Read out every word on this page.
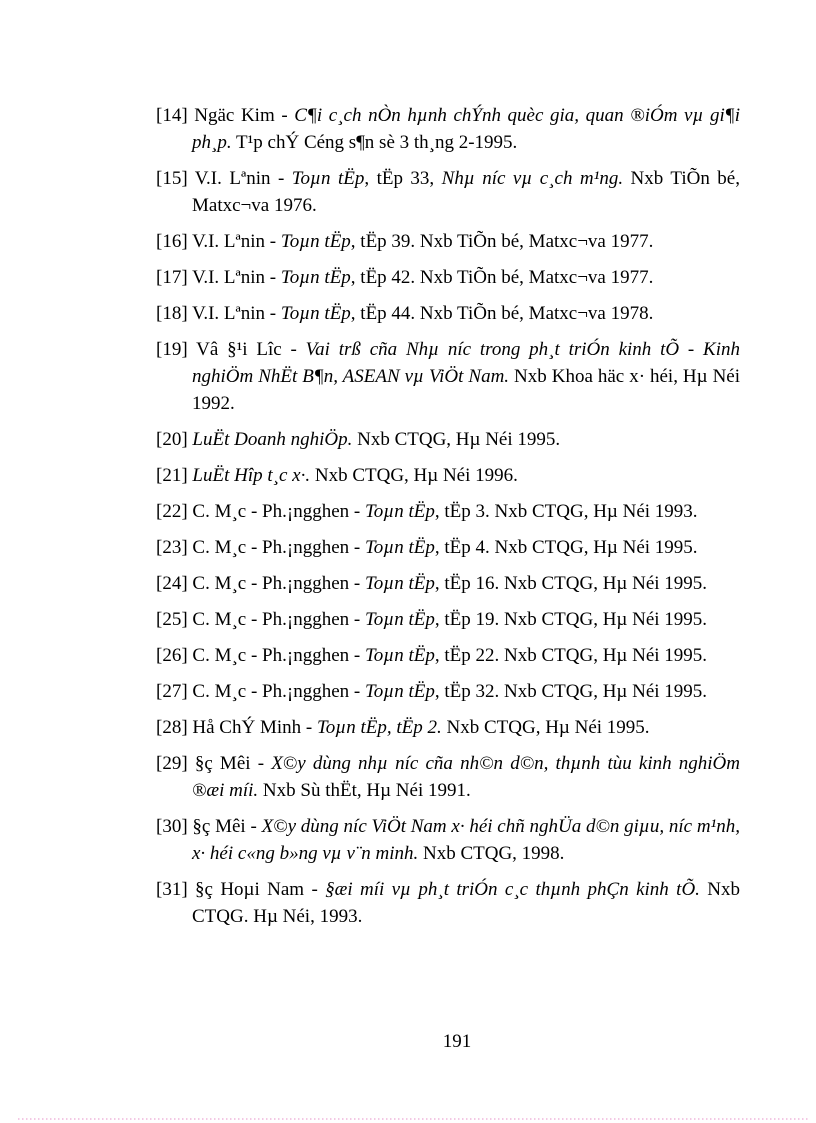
[14] Ngäc Kim - C¶i c¸ch nÒn hµnh chÝnh quèc gia, quan ®iÓm vµ gi¶i ph¸p. T¹p chÝ Céng s¶n sè 3 th¸ng 2-1995.

[15] V.I. Lªnin - Toµn tËp, tËp 33, Nhµ níc vµ c¸ch m¹ng. Nxb TiÕn bé, Matxc¬va 1976.

[16] V.I. Lªnin - Toµn tËp, tËp 39. Nxb TiÕn bé, Matxc¬va 1977.

[17] V.I. Lªnin - Toµn tËp, tËp 42. Nxb TiÕn bé, Matxc¬va 1977.

[18] V.I. Lªnin - Toµn tËp, tËp 44. Nxb TiÕn bé, Matxc¬va 1978.

[19] Vâ §¹i Lîc - Vai trß cña Nhµ níc trong ph¸t triÓn kinh tÕ - Kinh nghiÖm NhËt B¶n, ASEAN vµ ViÖt Nam. Nxb Khoa häc x· héi, Hµ Néi 1992.

[20] LuËt Doanh nghiÖp. Nxb CTQG, Hµ Néi 1995.

[21] LuËt Hîp t¸c x·. Nxb CTQG, Hµ Néi 1996.

[22] C. M¸c - Ph.¡ngghen - Toµn tËp, tËp 3. Nxb CTQG, Hµ Néi 1993.

[23] C. M¸c - Ph.¡ngghen - Toµn tËp, tËp 4. Nxb CTQG, Hµ Néi 1995.

[24] C. M¸c - Ph.¡ngghen - Toµn tËp, tËp 16. Nxb CTQG, Hµ Néi 1995.

[25] C. M¸c - Ph.¡ngghen - Toµn tËp, tËp 19. Nxb CTQG, Hµ Néi 1995.

[26] C. M¸c - Ph.¡ngghen - Toµn tËp, tËp 22. Nxb CTQG, Hµ Néi 1995.

[27] C. M¸c - Ph.¡ngghen - Toµn tËp, tËp 32. Nxb CTQG, Hµ Néi 1995.

[28] Hå ChÝ Minh - Toµn tËp, tËp 2. Nxb CTQG, Hµ Néi 1995.

[29] §ç Mêi - X©y dùng nhµ níc cña nh©n d©n, thµnh tùu kinh nghiÖm ®æi míi. Nxb Sù thËt, Hµ Néi 1991.

[30] §ç Mêi - X©y dùng níc ViÖt Nam x· héi chñ nghÜa d©n giµu, níc m¹nh, x· héi c«ng b»ng vµ v¨n minh. Nxb CTQG, 1998.

[31] §ç Hoµi Nam - §æi míi vµ ph¸t triÓn c¸c thµnh phÇn kinh tÕ. Nxb CTQG. Hµ Néi, 1993.

191
